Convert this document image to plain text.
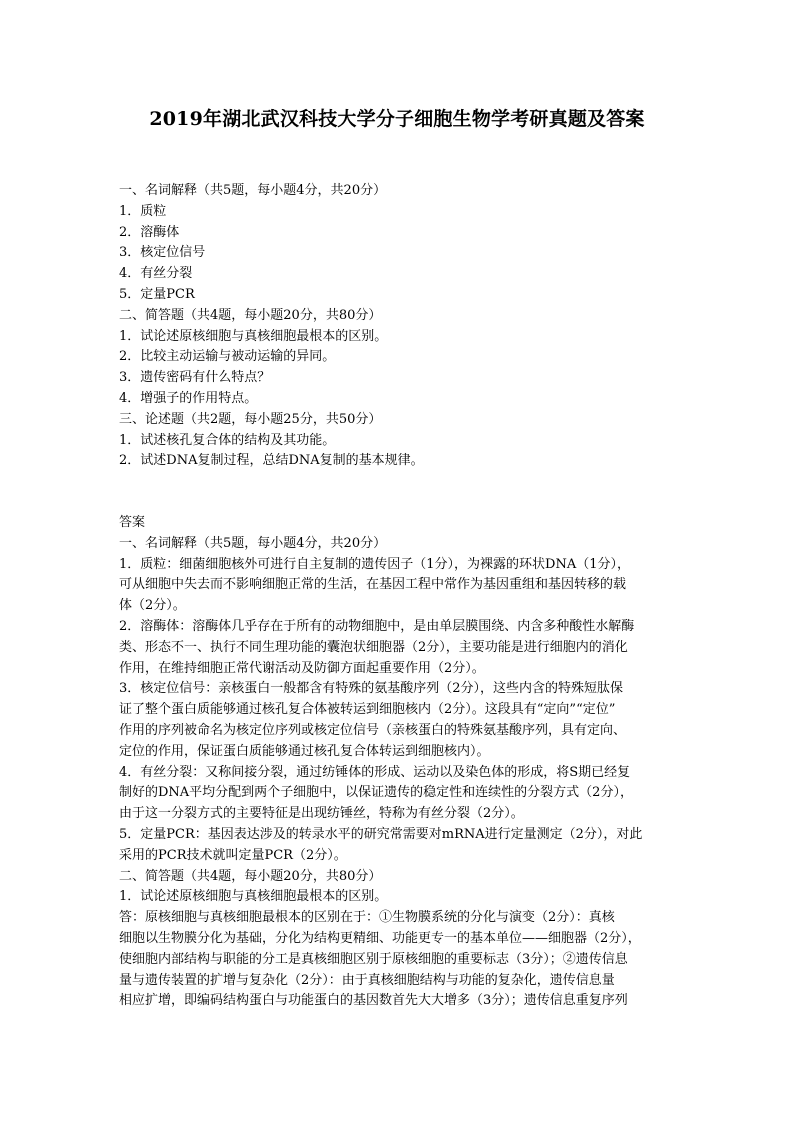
2019年湖北武汉科技大学分子细胞生物学考研真题及答案
一、名词解释（共5题，每小题4分，共20分）
1．质粒
2．溶酶体
3．核定位信号
4．有丝分裂
5．定量PCR
二、简答题（共4题，每小题20分，共80分）
1．试论述原核细胞与真核细胞最根本的区别。
2．比较主动运输与被动运输的异同。
3．遗传密码有什么特点？
4．增强子的作用特点。
三、论述题（共2题，每小题25分，共50分）
1．试述核孔复合体的结构及其功能。
2．试述DNA复制过程，总结DNA复制的基本规律。
答案
一、名词解释（共5题，每小题4分，共20分）
1．质粒：细菌细胞核外可进行自主复制的遗传因子（1分），为裸露的环状DNA（1分），
可从细胞中失去而不影响细胞正常的生活，在基因工程中常作为基因重组和基因转移的载
体（2分）。
2．溶酶体：溶酶体几乎存在于所有的动物细胞中，是由单层膜围绕、内含多种酸性水解酶
类、形态不一、执行不同生理功能的囊泡状细胞器（2分），主要功能是进行细胞内的消化
作用，在维持细胞正常代谢活动及防御方面起重要作用（2分）。
3．核定位信号：亲核蛋白一般都含有特殊的氨基酸序列（2分），这些内含的特殊短肽保
证了整个蛋白质能够通过核孔复合体被转运到细胞核内（2分）。这段具有“定向”“定位”
作用的序列被命名为核定位序列或核定位信号（亲核蛋白的特殊氨基酸序列，具有定向、
定位的作用，保证蛋白质能够通过核孔复合体转运到细胞核内）。
4．有丝分裂：又称间接分裂，通过纺锤体的形成、运动以及染色体的形成，将S期已经复
制好的DNA平均分配到两个子细胞中，以保证遗传的稳定性和连续性的分裂方式（2分），
由于这一分裂方式的主要特征是出现纺锤丝，特称为有丝分裂（2分）。
5．定量PCR：基因表达涉及的转录水平的研究常需要对mRNA进行定量测定（2分），对此
采用的PCR技术就叫定量PCR（2分）。
二、简答题（共4题，每小题20分，共80分）
1．试论述原核细胞与真核细胞最根本的区别。
答：原核细胞与真核细胞最根本的区别在于：①生物膜系统的分化与演变（2分）：真核
细胞以生物膜分化为基础，分化为结构更精细、功能更专一的基本单位——细胞器（2分），
使细胞内部结构与职能的分工是真核细胞区别于原核细胞的重要标志（3分）；②遗传信息
量与遗传装置的扩增与复杂化（2分）：由于真核细胞结构与功能的复杂化，遗传信息量
相应扩增，即编码结构蛋白与功能蛋白的基因数首先大大增多（3分）；遗传信息重复序列
